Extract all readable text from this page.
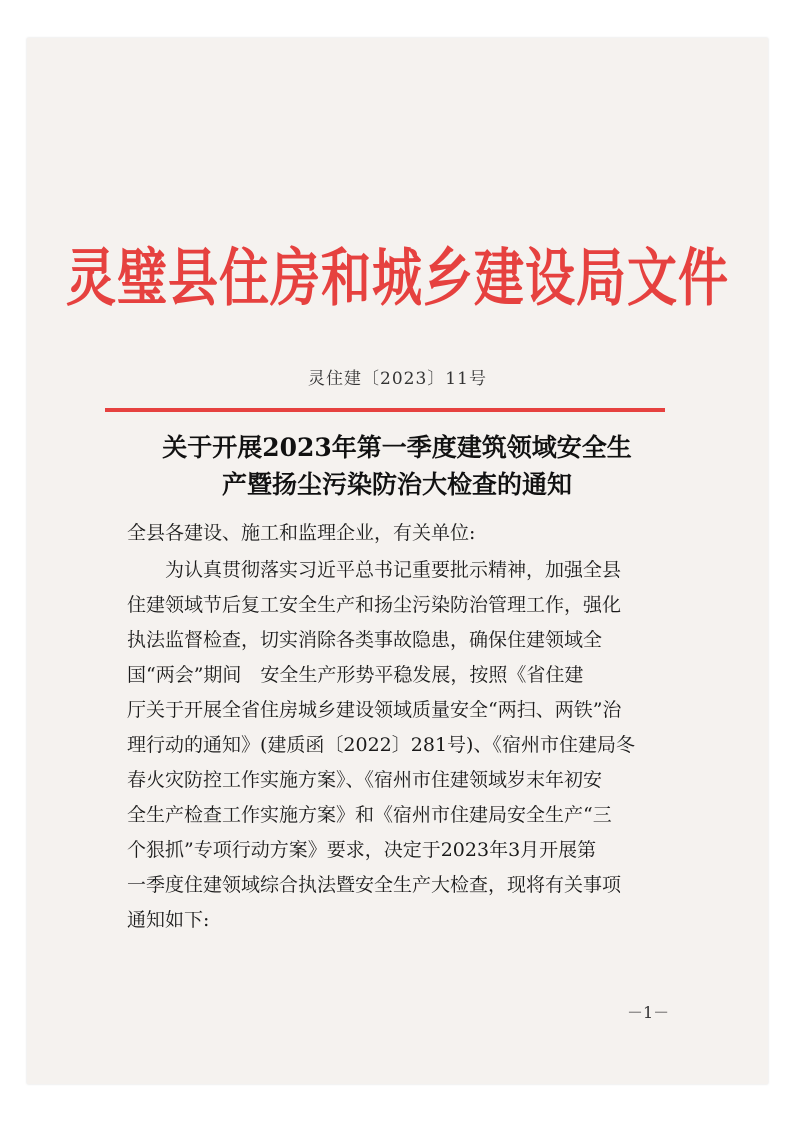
灵璧县住房和城乡建设局文件
灵住建〔2023〕11号
关于开展2023年第一季度建筑领域安全生
产暨扬尘污染防治大检查的通知
全县各建设、施工和监理企业，有关单位:
　　为认真贯彻落实习近平总书记重要批示精神，加强全县
住建领域节后复工安全生产和扬尘污染防治管理工作，强化
执法监督检查，切实消除各类事故隐患，确保住建领域全
国“两会”期间　安全生产形势平稳发展，按照《省住建
厅关于开展全省住房城乡建设领域质量安全“两扫、两铁”治
理行动的通知》(建质函〔2022〕281号)、《宿州市住建局冬
春火灾防控工作实施方案》、《宿州市住建领域岁末年初安
全生产检查工作实施方案》和《宿州市住建局安全生产“三
个狠抓”专项行动方案》要求，决定于2023年3月开展第
一季度住建领域综合执法暨安全生产大检查，现将有关事项
通知如下:
－1－
